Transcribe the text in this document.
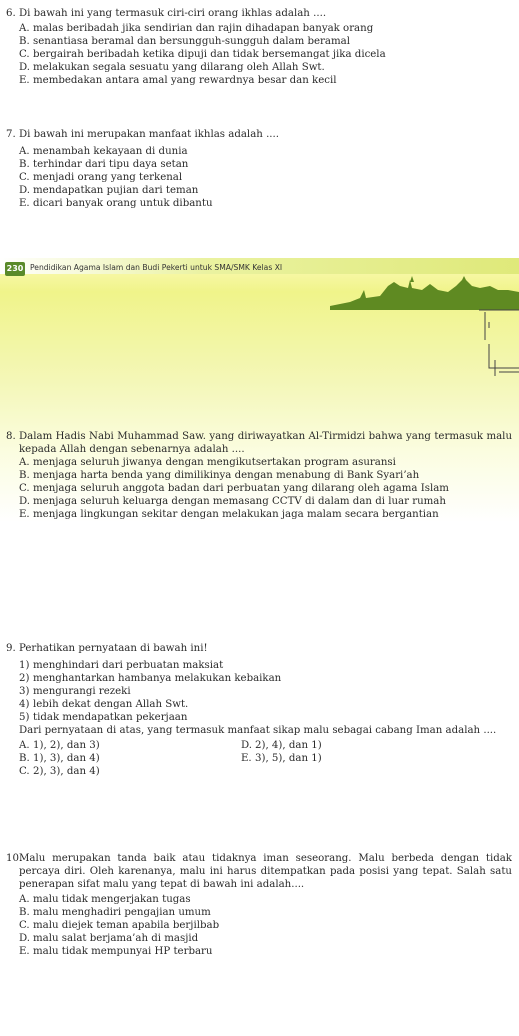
6. Di bawah ini yang termasuk ciri-ciri orang ikhlas adalah ....
A. malas beribadah jika sendirian dan rajin dihadapan banyak orang
B. senantiasa beramal dan bersungguh-sungguh dalam beramal
C. bergairah beribadah ketika dipuji dan tidak bersemangat jika dicela
D. melakukan segala sesuatu yang dilarang oleh Allah Swt.
E. membedakan antara amal yang rewardnya besar dan kecil
7. Di bawah ini merupakan manfaat ikhlas adalah ....
A. menambah kekayaan di dunia
B. terhindar dari tipu daya setan
C. menjadi orang yang terkenal
D. mendapatkan pujian dari teman
E. dicari banyak orang untuk dibantu
230 Pendidikan Agama Islam dan Budi Pekerti untuk SMA/SMK Kelas XI
8. Dalam Hadis Nabi Muhammad Saw. yang diriwayatkan Al-Tirmidzi bahwa yang termasuk malu kepada Allah dengan sebenarnya adalah ....
A. menjaga seluruh jiwanya dengan mengikutsertakan program asuransi
B. menjaga harta benda yang dimilikinya dengan menabung di Bank Syari’ah
C. menjaga seluruh anggota badan dari perbuatan yang dilarang oleh agama Islam
D. menjaga seluruh keluarga dengan memasang CCTV di dalam dan di luar rumah
E. menjaga lingkungan sekitar dengan melakukan jaga malam secara bergantian
9. Perhatikan pernyataan di bawah ini!
1) menghindari dari perbuatan maksiat
2) menghantarkan hambanya melakukan kebaikan
3) mengurangi rezeki
4) lebih dekat dengan Allah Swt.
5) tidak mendapatkan pekerjaan
Dari pernyataan di atas, yang termasuk manfaat sikap malu sebagai cabang Iman adalah ....
A. 1), 2), dan 3)	D. 2), 4), dan 1)
B. 1), 3), dan 4)	E. 3), 5), dan 1)
C. 2), 3), dan 4)
10.
Malu merupakan tanda baik atau tidaknya iman seseorang. Malu berbeda dengan tidak percaya diri. Oleh karenanya, malu ini harus ditempatkan pada posisi yang tepat. Salah satu penerapan sifat malu yang tepat di bawah ini adalah....
A. malu tidak mengerjakan tugas
B. malu menghadiri pengajian umum
C. malu diejek teman apabila berjilbab
D. malu salat berjama’ah di masjid
E. malu tidak mempunyai HP terbaru
